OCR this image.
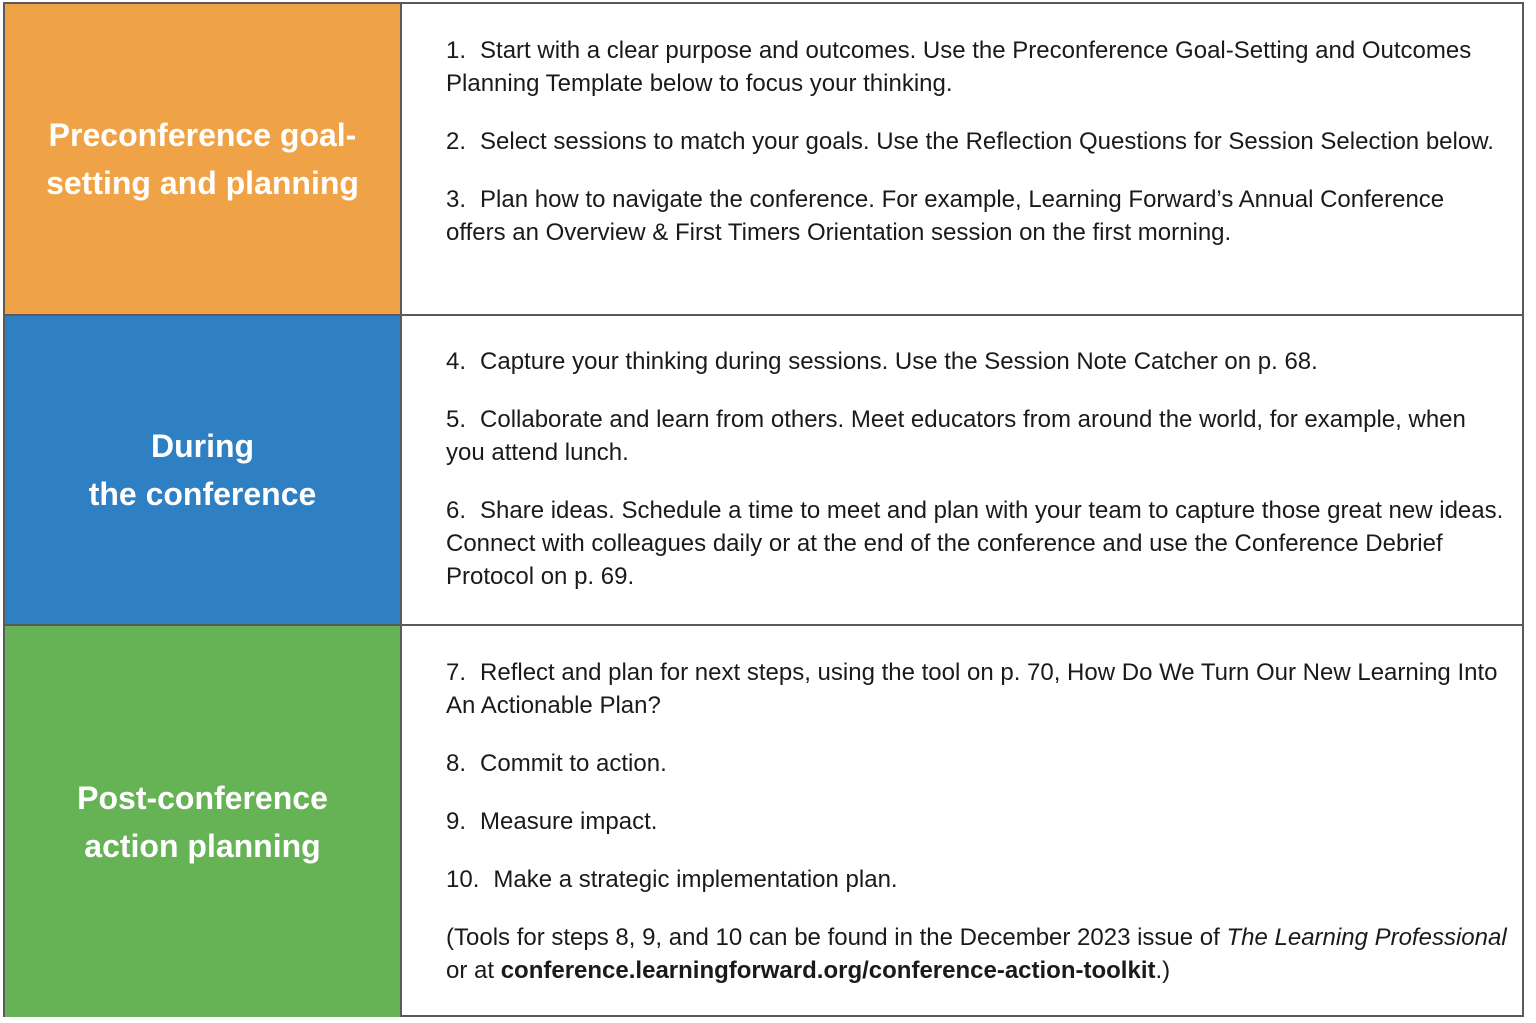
Preconference goal-
setting and planning

1. Start with a clear purpose and outcomes. Use the Preconference Goal-Setting and Outcomes Planning Template below to focus your thinking.

2. Select sessions to match your goals. Use the Reflection Questions for Session Selection below.

3. Plan how to navigate the conference. For example, Learning Forward’s Annual Conference offers an Overview & First Timers Orientation session on the first morning.

During
the conference

4. Capture your thinking during sessions. Use the Session Note Catcher on p. 68.

5. Collaborate and learn from others. Meet educators from around the world, for example, when you attend lunch.

6. Share ideas. Schedule a time to meet and plan with your team to capture those great new ideas. Connect with colleagues daily or at the end of the conference and use the Conference Debrief Protocol on p. 69.

Post-conference
action planning

7. Reflect and plan for next steps, using the tool on p. 70, How Do We Turn Our New Learning Into An Actionable Plan?

8. Commit to action.

9. Measure impact.

10. Make a strategic implementation plan.

(Tools for steps 8, 9, and 10 can be found in the December 2023 issue of The Learning Professional or at conference.learningforward.org/conference-action-toolkit.)
